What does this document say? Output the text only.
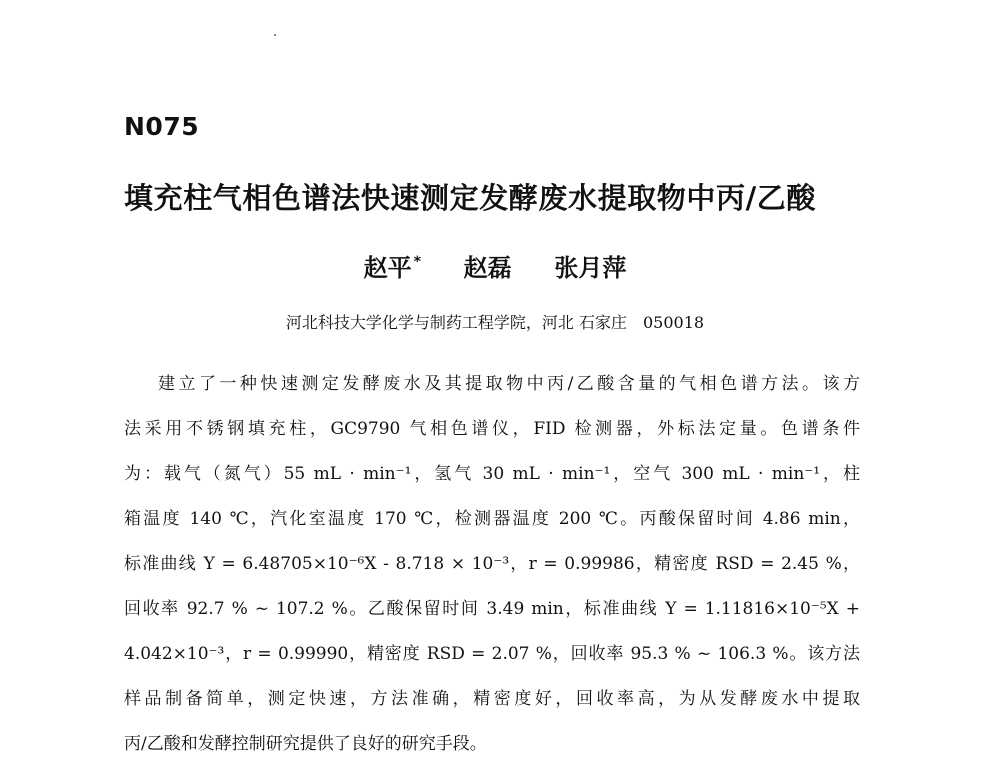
N075
填充柱气相色谱法快速测定发酵废水提取物中丙/乙酸
赵平 * 赵磊 张月萍
河北科技大学化学与制药工程学院，河北 石家庄　050018
建立了一种快速测定发酵废水及其提取物中丙/乙酸含量的气相色谱方法。该方
法采用不锈钢填充柱，GC9790 气相色谱仪，FID 检测器，外标法定量。色谱条件
为：载气（氮气）55 mL · min⁻¹，氢气 30 mL · min⁻¹，空气 300 mL · min⁻¹，柱
箱温度 140 ℃，汽化室温度 170 ℃，检测器温度 200 ℃。丙酸保留时间 4.86 min，
标准曲线 Y = 6.48705×10⁻⁶X - 8.718 × 10⁻³，r = 0.99986，精密度 RSD = 2.45 %，
回收率 92.7 % ~ 107.2 %。乙酸保留时间 3.49 min，标准曲线 Y = 1.11816×10⁻⁵X +
4.042×10⁻³，r = 0.99990，精密度 RSD = 2.07 %，回收率 95.3 % ~ 106.3 %。该方法
样品制备简单，测定快速，方法准确，精密度好，回收率高，为从发酵废水中提取
丙/乙酸和发酵控制研究提供了良好的研究手段。
